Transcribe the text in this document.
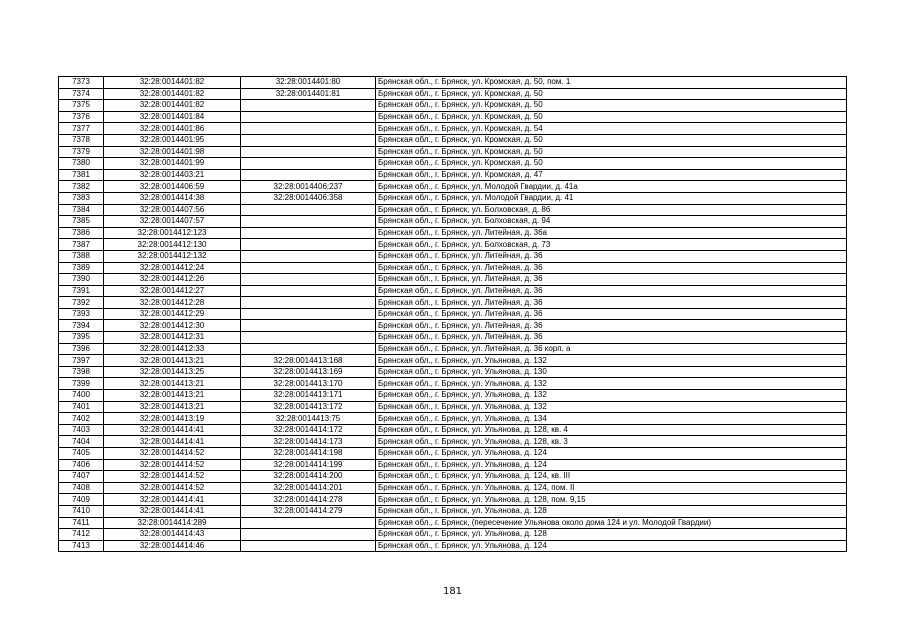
7373	32:28:0014401:82	32:28:0014401:80	Брянская обл., г. Брянск, ул. Кромская, д. 50, пом. 1
7374	32:28:0014401:82	32:28:0014401:81	Брянская обл., г. Брянск, ул. Кромская, д. 50
7375	32:28:0014401:82		Брянская обл., г. Брянск, ул. Кромская, д. 50
7376	32:28:0014401:84		Брянская обл., г. Брянск, ул. Кромская, д. 50
7377	32:28:0014401:86		Брянская обл., г. Брянск, ул. Кромская, д. 54
7378	32:28:0014401:95		Брянская обл., г. Брянск, ул. Кромская, д. 50
7379	32:28:0014401:98		Брянская обл., г. Брянск, ул. Кромская, д. 50
7380	32:28:0014401:99		Брянская обл., г. Брянск, ул. Кромская, д. 50
7381	32:28:0014403:21		Брянская обл., г. Брянск, ул. Кромская, д. 47
7382	32:28:0014406:59	32:28:0014406:237	Брянская обл., г. Брянск, ул. Молодой Гвардии, д. 41а
7383	32:28:0014414:38	32:28:0014406:358	Брянская обл., г. Брянск, ул. Молодой Гвардии, д. 41
7384	32:28:0014407:56		Брянская обл., г. Брянск, ул. Болховская, д. 86
7385	32:28:0014407:57		Брянская обл., г. Брянск, ул. Болховская, д. 94
7386	32:28:0014412:123		Брянская обл., г. Брянск, ул. Литейная, д. 36а
7387	32:28:0014412:130		Брянская обл., г. Брянск, ул. Болховская, д. 73
7388	32:28:0014412:132		Брянская обл., г. Брянск, ул. Литейная, д. 36
7389	32:28:0014412:24		Брянская обл., г. Брянск, ул. Литейная, д. 36
7390	32:28:0014412:26		Брянская обл., г. Брянск, ул. Литейная, д. 36
7391	32:28:0014412:27		Брянская обл., г. Брянск, ул. Литейная, д. 36
7392	32:28:0014412:28		Брянская обл., г. Брянск, ул. Литейная, д. 36
7393	32:28:0014412:29		Брянская обл., г. Брянск, ул. Литейная, д. 36
7394	32:28:0014412:30		Брянская обл., г. Брянск, ул. Литейная, д. 36
7395	32:28:0014412:31		Брянская обл., г. Брянск, ул. Литейная, д. 36
7396	32:28:0014412:33		Брянская обл., г. Брянск, ул. Литейная, д. 36 корп. а
7397	32:28:0014413:21	32:28:0014413:168	Брянская обл., г. Брянск, ул. Ульянова, д. 132
7398	32:28:0014413:25	32:28:0014413:169	Брянская обл., г. Брянск, ул. Ульянова, д. 130
7399	32:28:0014413:21	32:28:0014413:170	Брянская обл., г. Брянск, ул. Ульянова, д. 132
7400	32:28:0014413:21	32:28:0014413:171	Брянская обл., г. Брянск, ул. Ульянова, д. 132
7401	32:28:0014413:21	32:28:0014413:172	Брянская обл., г. Брянск, ул. Ульянова, д. 132
7402	32:28:0014413:19	32:28:0014413:75	Брянская обл., г. Брянск, ул. Ульянова, д. 134
7403	32:28:0014414:41	32:28:0014414:172	Брянская обл., г. Брянск, ул. Ульянова, д. 128, кв. 4
7404	32:28:0014414:41	32:28:0014414:173	Брянская обл., г. Брянск, ул. Ульянова, д. 128, кв. 3
7405	32:28:0014414:52	32:28:0014414:198	Брянская обл., г. Брянск, ул. Ульянова, д. 124
7406	32:28:0014414:52	32:28:0014414:199	Брянская обл., г. Брянск, ул. Ульянова, д. 124
7407	32:28:0014414:52	32:28:0014414:200	Брянская обл., г. Брянск, ул. Ульянова, д. 124, кв. III
7408	32:28:0014414:52	32:28:0014414:201	Брянская обл., г. Брянск, ул. Ульянова, д. 124, пом. II
7409	32:28:0014414:41	32:28:0014414:278	Брянская обл., г. Брянск, ул. Ульянова, д. 128, пом. 9,15
7410	32:28:0014414:41	32:28:0014414:279	Брянская обл., г. Брянск, ул. Ульянова, д. 128
7411	32:28:0014414:289		Брянская обл., г. Брянск, (пересечение Ульянова около дома 124 и ул. Молодой Гвардии)
7412	32:28:0014414:43		Брянская обл., г. Брянск, ул. Ульянова, д. 128
7413	32:28:0014414:46		Брянская обл., г. Брянск, ул. Ульянова, д. 124
181
